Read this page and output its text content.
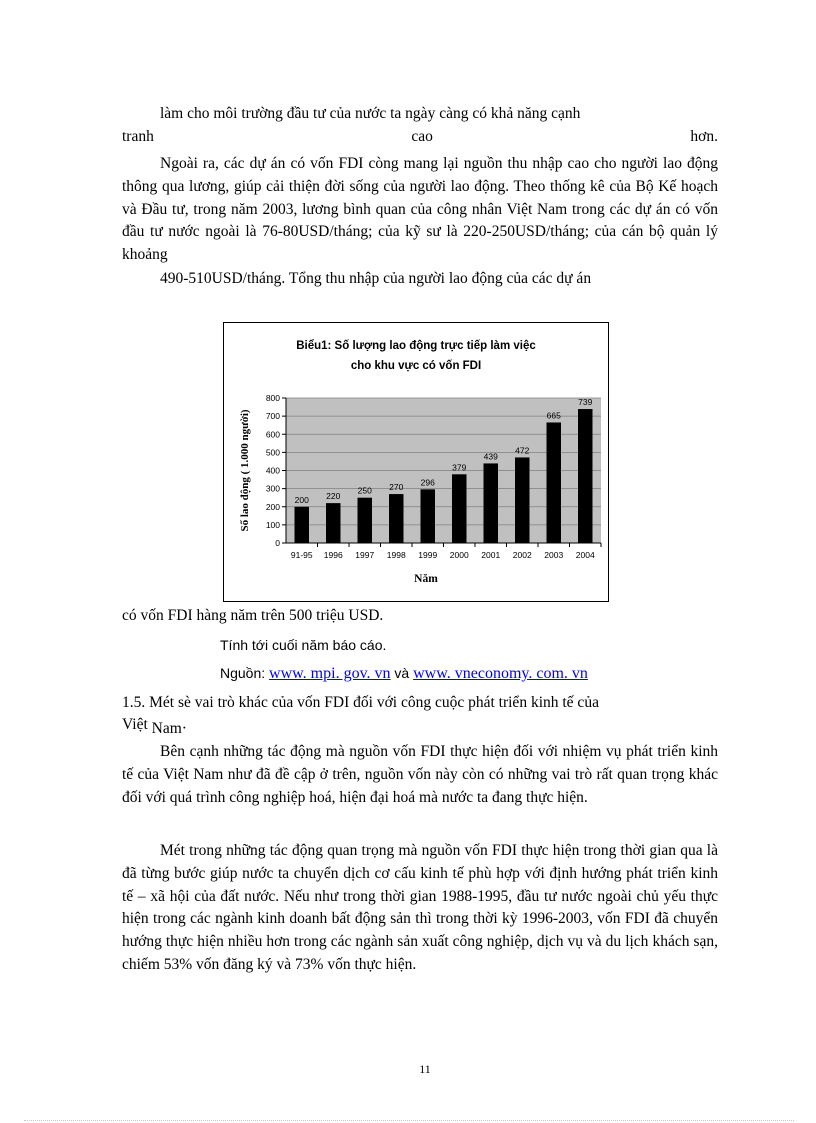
làm cho môi trường đầu tư của nước ta ngày càng có khả năng cạnh
tranh	cao	hơn.

Ngoài ra, các dự án có vốn FDI còng mang lại nguồn thu nhập cao cho người lao động thông qua lương, giúp cải thiện đời sống của người lao động. Theo thống kê của Bộ Kế hoạch và Đầu tư, trong năm 2003, lương bình quan của công nhân Việt Nam trong các dự án có vốn đầu tư nước ngoài là 76-80USD/tháng; của kỹ sư là 220-250USD/tháng; của cán bộ quản lý khoảng

490-510USD/tháng. Tổng thu nhập của người lao động của các dự án

Biểu1: Số lượng lao động trực tiếp làm việc
cho khu vực có vốn FDI
0
100
200
300
400
500
600
700
800
200
91-95
220
1996
250
1997
270
1998
296
1999
379
2000
439
2001
472
2002
665
2003
739
2004
Năm
Số lao động ( 1.000 người)
có vốn FDI hàng năm trên 500 triệu USD.
Tính tới cuối năm báo cáo.
Nguồn: www. mpi. gov. vn và www. vneconomy. com. vn
1.5. Mét sè vai trò khác của vốn FDI đối với công cuộc phát triển kinh tế của
Việt Nam·

Bên cạnh những tác động mà nguồn vốn FDI thực hiện đối với nhiệm vụ phát triển kinh tế của Việt Nam như đã đề cập ở trên, nguồn vốn này còn có những vai trò rất quan trọng khác đối với quá trình công nghiệp hoá, hiện đại hoá mà nước ta đang thực hiện.

Mét trong những tác động quan trọng mà nguồn vốn FDI thực hiện trong thời gian qua là đã từng bước giúp nước ta chuyển dịch cơ cấu kinh tế phù hợp với định hướng phát triển kinh tế – xã hội của đất nước. Nếu như trong thời gian 1988-1995, đầu tư nước ngoài chủ yếu thực hiện trong các ngành kinh doanh bất động sản thì trong thời kỳ 1996-2003, vốn FDI đã chuyển hướng thực hiện nhiều hơn trong các ngành sản xuất công nghiệp, dịch vụ và du lịch khách sạn, chiếm 53% vốn đăng ký và 73% vốn thực hiện.

11
